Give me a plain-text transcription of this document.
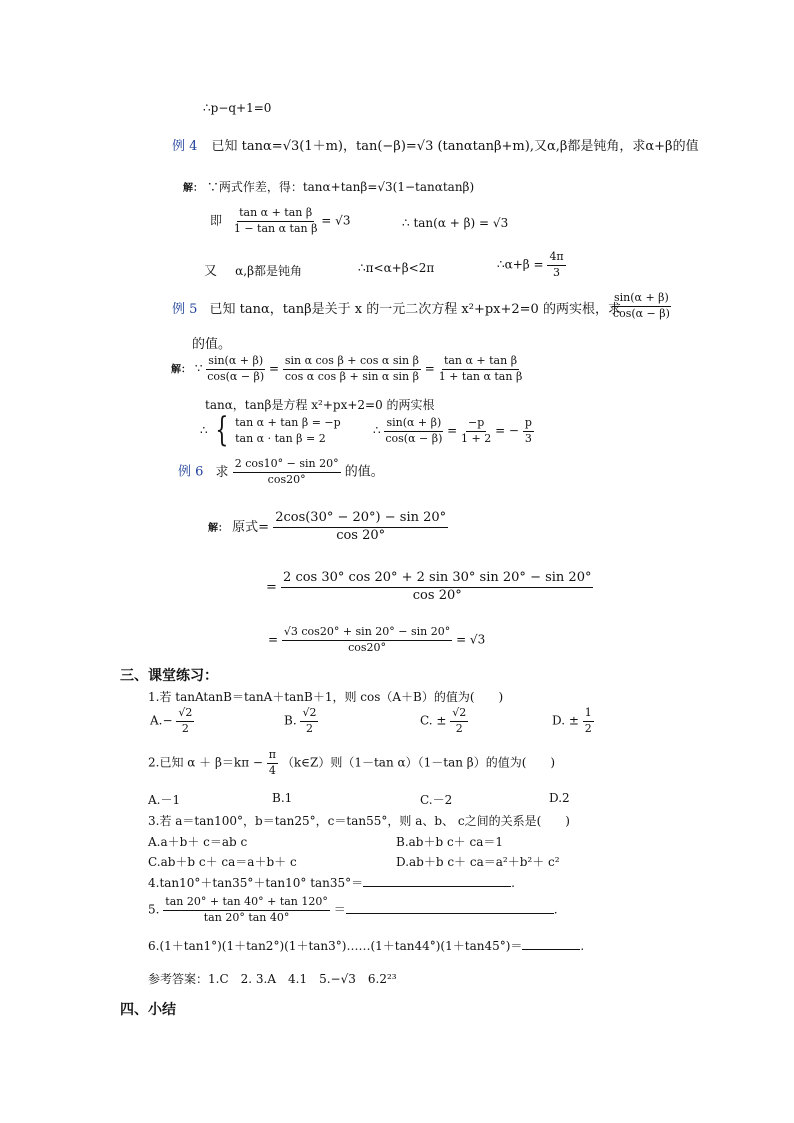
∴p−q+1=0
例 4 已知 tanα=√3(1＋m)，tan(−β)=√3 (tanαtanβ+m),又α,β都是钝角，求α+β的值
解： ∵两式作差，得：tanα+tanβ=√3(1−tanαtanβ)
即 $\frac{\text{tan α + tan β}}{\text{1 − tan α tan β}} = √3$	∴ tan(α + β) = √3
又 α,β都是钝角	∴π<α+β<2π	∴α+β = $\frac{4\pi}{3}$
例 5 已知 tanα，tanβ是关于 x 的一元二次方程 x²+px+2=0 的两实根，求
$\frac{\sin(\alpha + \beta)}{\cos(\alpha - \beta)}$
的值。
解： ∵ $\frac{\sin(\alpha + \beta)}{\cos(\alpha - \beta)} = \frac{\text{sin α cos β + cos α sin β}}{\text{cos α cos β + sin α sin β}} = \frac{\text{tan α + tan β}}{\text{1 + tan α tan β}}$
tanα，tanβ是方程 x²+px+2=0 的两实根
∴ { tan α + tan β = −p
tan α · tan β = 2
∴ $\frac{\sin(\alpha + \beta)}{\cos(\alpha - \beta)} = \frac{-p}{1 + 2}$ = − $\frac{p}{3}$
例 6 求 $\frac{2 \cos 10^\circ - \sin 20^\circ}{\cos 20^\circ}$ 的值。
解： 原式= $\frac{2\cos(30^\circ - 20^\circ) - \sin 20^\circ}{\cos 20^\circ}$
= $\frac{2 \cos 30^\circ \cos 20^\circ + 2 \sin 30^\circ \sin 20^\circ - \sin 20^\circ}{\cos 20^\circ}$
= $\frac{√3 \cos 20^\circ + \sin 20^\circ - \sin 20^\circ}{\cos 20^\circ} = √3$
三、课堂练习：
1.若 tanAtanB＝tanA＋tanB＋1，则 cos（A＋B）的值为(　　)
$A.- \frac{√2}{2}$	B. $\frac{√2}{2}$	C. ± $\frac{√2}{2}$	D. ± $\frac{1}{2}$
2.已知 $\alpha + \beta=k\pi - \frac{\pi}{4}$ （k∈Z）则（1－tan α）（1－tan β）的值为(　　)
A.－1	B.1	C.－2	D.2
3.若 a＝tan100°，b＝tan25°，c＝tan55°，则 a、b、 c之间的关系是(　　)
A.a＋b＋ c＝ab c	B.ab＋b c＋ ca＝1
C.ab＋b c＋ ca＝a＋b＋ c	D.ab＋b c＋ ca＝a²＋b²＋ c²
4.tan10°＋tan35°＋tan10° tan35°＝	.
5. $\frac{\tan 20^\circ + \tan 40^\circ + \tan 120^\circ}{\tan 20^\circ \tan 40^\circ}$ ＝	.
6.(1＋tan1°)(1＋tan2°)(1＋tan3°)……(1＋tan44°)(1＋tan45°)＝	.
参考答案：1.C　2. 3.A　4.1　5.−√3　6.2²³
四、小结
